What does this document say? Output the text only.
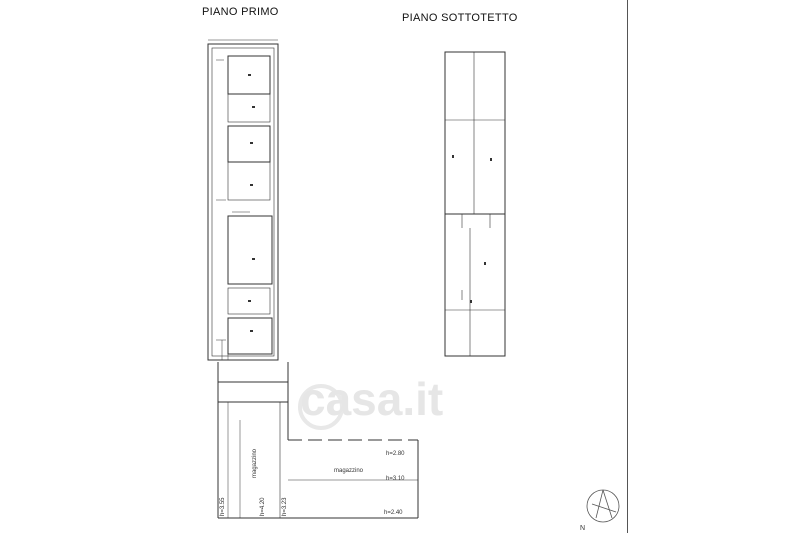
PIANO PRIMO	PIANO SOTTOTETTO
casa.it
magazzino	magazzino
h=2.80
h=3.10
h=2.40
h=3.55	h=4.20	h=3.23
N
